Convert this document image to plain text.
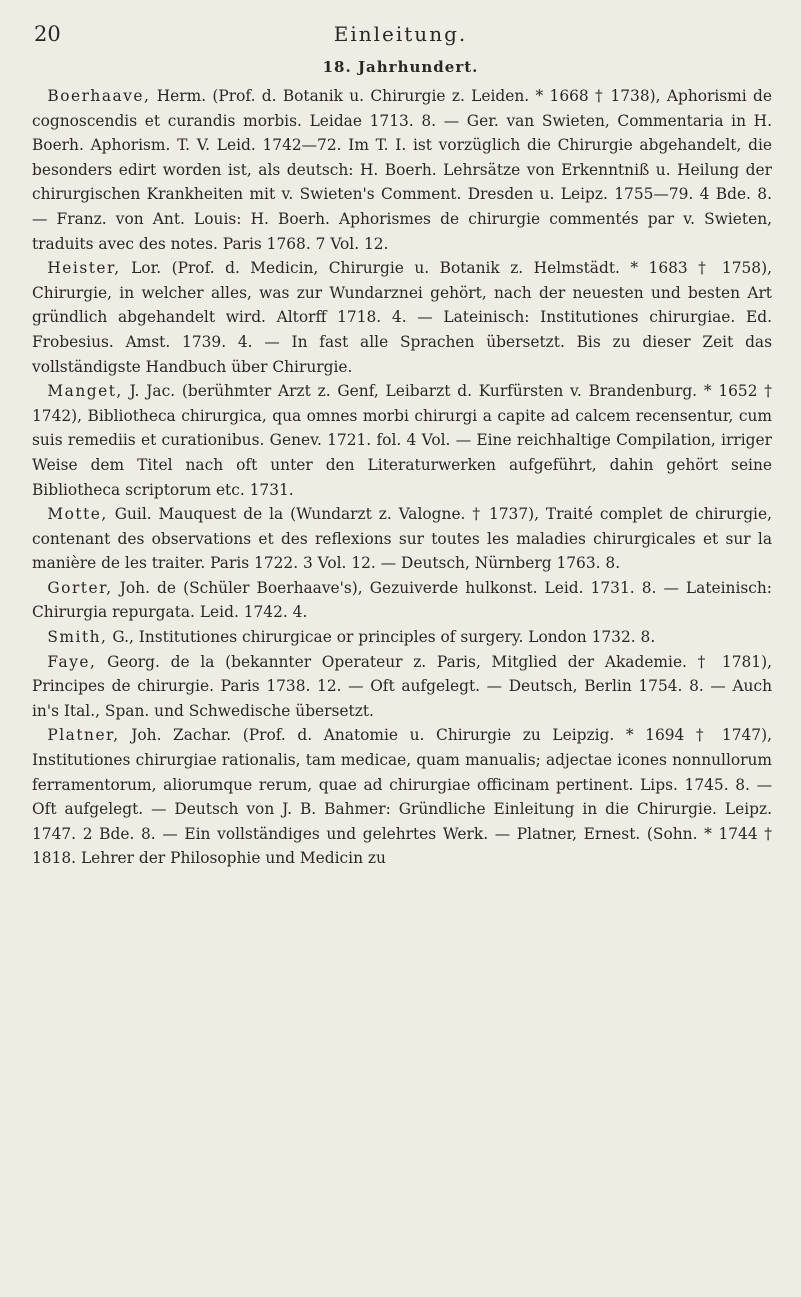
20	Einleitung.
18. Jahrhundert.

 Boerhaave, Herm. (Prof. d. Botanik u. Chirurgie z. Leiden. * 1668 † 1738), Aphorismi de cognoscendis et curandis morbis. Leidae 1713. 8. — Ger. van Swieten, Commentaria in H. Boerh. Aphorism. T. V. Leid. 1742—72. Im T. I. ist vorzüglich die Chirurgie abgehandelt, die besonders edirt worden ist, als deutsch: H. Boerh. Lehrsätze von Erkenntniß u. Heilung der chirurgischen Krankheiten mit v. Swieten's Comment. Dresden u. Leipz. 1755—79. 4 Bde. 8. — Franz. von Ant. Louis: H. Boerh. Aphorismes de chirurgie commentés par v. Swieten, traduits avec des notes. Paris 1768. 7 Vol. 12.

 Heister, Lor. (Prof. d. Medicin, Chirurgie u. Botanik z. Helmstädt. * 1683 † 1758), Chirurgie, in welcher alles, was zur Wundarznei gehört, nach der neuesten und besten Art gründlich abgehandelt wird. Altorff 1718. 4. — Lateinisch: Institutiones chirurgiae. Ed. Frobesius. Amst. 1739. 4. — In fast alle Sprachen übersetzt. Bis zu dieser Zeit das vollständigste Handbuch über Chirurgie.

 Manget, J. Jac. (berühmter Arzt z. Genf, Leibarzt d. Kurfürsten v. Brandenburg. * 1652 † 1742), Bibliotheca chirurgica, qua omnes morbi chirurgi a capite ad calcem recensentur, cum suis remediis et curationibus. Genev. 1721. fol. 4 Vol. — Eine reichhaltige Compilation, irriger Weise dem Titel nach oft unter den Literaturwerken aufgeführt, dahin gehört seine Bibliotheca scriptorum etc. 1731.

 Motte, Guil. Mauquest de la (Wundarzt z. Valogne. † 1737), Traité complet de chirurgie, contenant des observations et des reflexions sur toutes les maladies chirurgicales et sur la manière de les traiter. Paris 1722. 3 Vol. 12. — Deutsch, Nürnberg 1763. 8.

 Gorter, Joh. de (Schüler Boerhaave's), Gezuiverde hulkonst. Leid. 1731. 8. — Lateinisch: Chirurgia repurgata. Leid. 1742. 4.

 Smith, G., Institutiones chirurgicae or principles of surgery. London 1732. 8.

 Faye, Georg. de la (bekannter Operateur z. Paris, Mitglied der Akademie. † 1781), Principes de chirurgie. Paris 1738. 12. — Oft aufgelegt. — Deutsch, Berlin 1754. 8. — Auch in's Ital., Span. und Schwedische übersetzt.

 Platner, Joh. Zachar. (Prof. d. Anatomie u. Chirurgie zu Leipzig. * 1694 † 1747), Institutiones chirurgiae rationalis, tam medicae, quam manualis; adjectae icones nonnullorum ferramentorum, aliorumque rerum, quae ad chirurgiae officinam pertinent. Lips. 1745. 8. — Oft aufgelegt. — Deutsch von J. B. Bahmer: Gründliche Einleitung in die Chirurgie. Leipz. 1747. 2 Bde. 8. — Ein vollständiges und gelehrtes Werk. — Platner, Ernest. (Sohn. * 1744 † 1818. Lehrer der Philosophie und Medicin zu
